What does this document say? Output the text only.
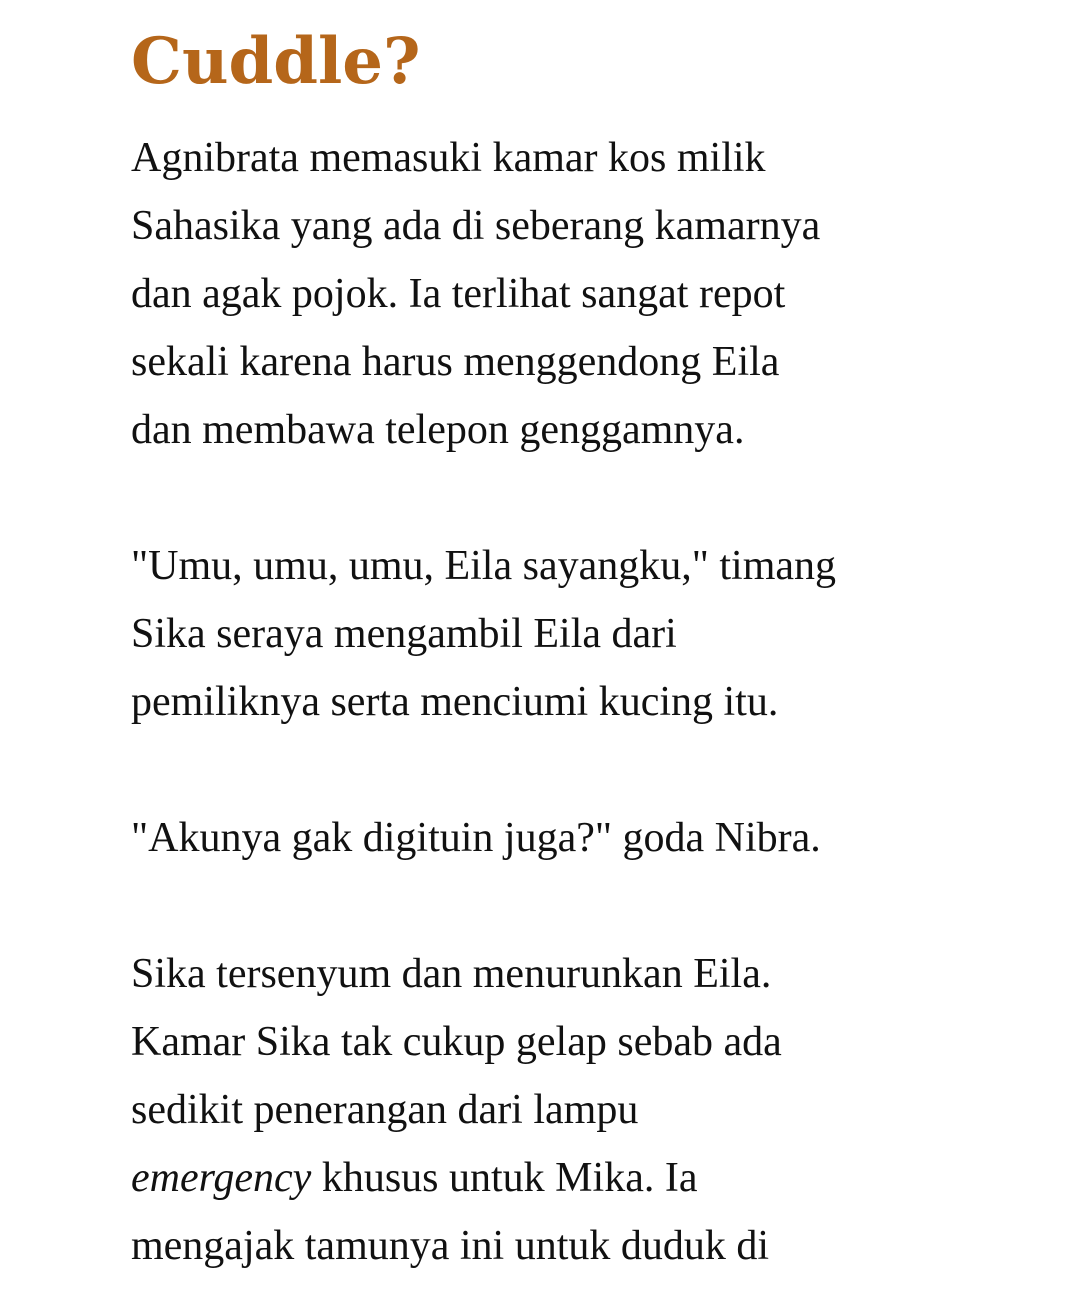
Cuddle?
Agnibrata memasuki kamar kos milik
Sahasika yang ada di seberang kamarnya
dan agak pojok. Ia terlihat sangat repot
sekali karena harus menggendong Eila
dan membawa telepon genggamnya.
"Umu, umu, umu, Eila sayangku," timang
Sika seraya mengambil Eila dari
pemiliknya serta menciumi kucing itu.
"Akunya gak digituin juga?" goda Nibra.
Sika tersenyum dan menurunkan Eila.
Kamar Sika tak cukup gelap sebab ada
sedikit penerangan dari lampu
emergency khusus untuk Mika. Ia
mengajak tamunya ini untuk duduk di
